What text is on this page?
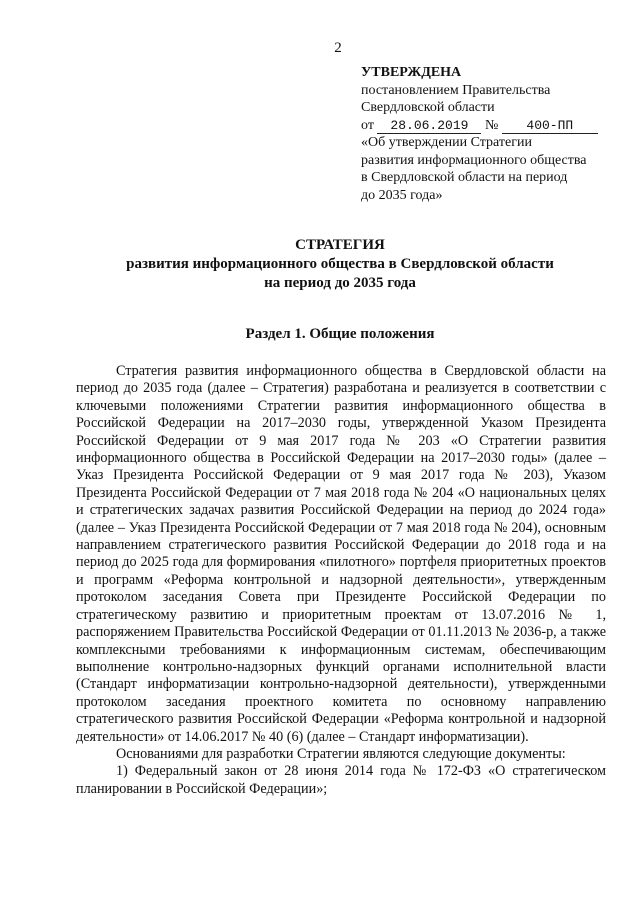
2
УТВЕРЖДЕНА
постановлением Правительства
Свердловской области
от 28.06.2019 № 400-ПП
«Об утверждении Стратегии
развития информационного общества
в Свердловской области на период
до 2035 года»
СТРАТЕГИЯ
развития информационного общества в Свердловской области
на период до 2035 года
Раздел 1. Общие положения

Стратегия развития информационного общества в Свердловской области на период до 2035 года (далее – Стратегия) разработана и реализуется в соответствии с ключевыми положениями Стратегии развития информационного общества в Российской Федерации на 2017–2030 годы, утвержденной Указом Президента Российской Федерации от 9 мая 2017 года № 203 «О Стратегии развития информационного общества в Российской Федерации на 2017–2030 годы» (далее – Указ Президента Российской Федерации от 9 мая 2017 года № 203), Указом Президента Российской Федерации от 7 мая 2018 года № 204 «О национальных целях и стратегических задачах развития Российской Федерации на период до 2024 года» (далее – Указ Президента Российской Федерации от 7 мая 2018 года № 204), основным направлением стратегического развития Российской Федерации до 2018 года и на период до 2025 года для формирования «пилотного» портфеля приоритетных проектов и программ «Реформа контрольной и надзорной деятельности», утвержденным протоколом заседания Совета при Президенте Российской Федерации по стратегическому развитию и приоритетным проектам от 13.07.2016 № 1, распоряжением Правительства Российской Федерации от 01.11.2013 № 2036-р, а также комплексными требованиями к информационным системам, обеспечивающим выполнение контрольно-надзорных функций органами исполнительной власти (Стандарт информатизации контрольно-надзорной деятельности), утвержденными протоколом заседания проектного комитета по основному направлению стратегического развития Российской Федерации «Реформа контрольной и надзорной деятельности» от 14.06.2017 № 40 (6) (далее – Стандарт информатизации).

Основаниями для разработки Стратегии являются следующие документы:

1) Федеральный закон от 28 июня 2014 года № 172-ФЗ «О стратегическом планировании в Российской Федерации»;
